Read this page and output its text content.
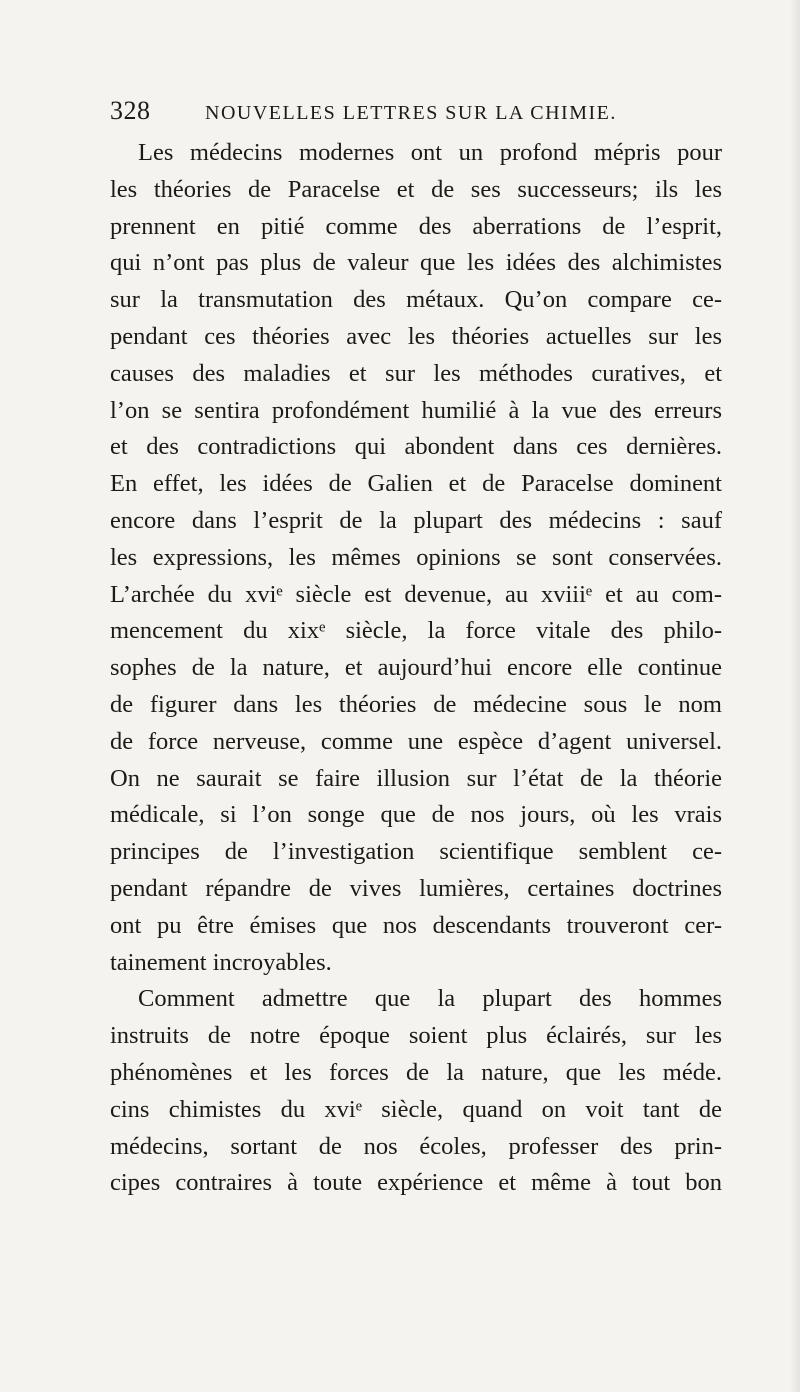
328	NOUVELLES LETTRES SUR LA CHIMIE.
Les médecins modernes ont un profond mépris pour
les théories de Paracelse et de ses successeurs; ils les
prennent en pitié comme des aberrations de l’esprit,
qui n’ont pas plus de valeur que les idées des alchimistes
sur la transmutation des métaux. Qu’on compare ce-
pendant ces théories avec les théories actuelles sur les
causes des maladies et sur les méthodes curatives, et
l’on se sentira profondément humilié à la vue des erreurs
et des contradictions qui abondent dans ces dernières.
En effet, les idées de Galien et de Paracelse dominent
encore dans l’esprit de la plupart des médecins : sauf
les expressions, les mêmes opinions se sont conservées.
L’archée du xviᵉ siècle est devenue, au xviiiᵉ et au com-
mencement du xixᵉ siècle, la force vitale des philo-
sophes de la nature, et aujourd’hui encore elle continue
de figurer dans les théories de médecine sous le nom
de force nerveuse, comme une espèce d’agent universel.
On ne saurait se faire illusion sur l’état de la théorie
médicale, si l’on songe que de nos jours, où les vrais
principes de l’investigation scientifique semblent ce-
pendant répandre de vives lumières, certaines doctrines
ont pu être émises que nos descendants trouveront cer-
tainement incroyables.
Comment admettre que la plupart des hommes
instruits de notre époque soient plus éclairés, sur les
phénomènes et les forces de la nature, que les méde.
cins chimistes du xviᵉ siècle, quand on voit tant de
médecins, sortant de nos écoles, professer des prin-
cipes contraires à toute expérience et même à tout bon
